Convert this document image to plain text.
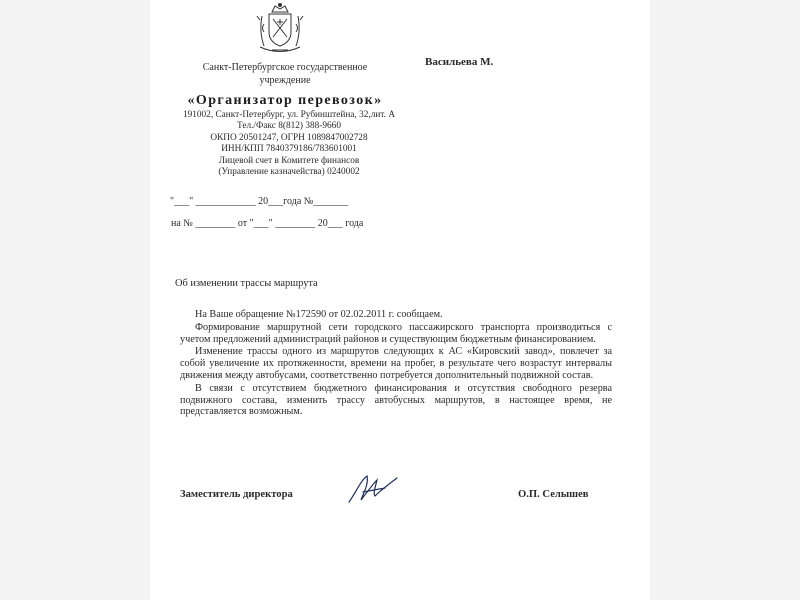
Санкт-Петербургское государственное
учреждение
«Организатор перевозок»
191002, Санкт-Петербург, ул. Рубинштейна, 32,лит. А
Тел./Факс 8(812) 388-9660
ОКПО 20501247, ОГРН 1089847002728
ИНН/КПП 7840379186/783601001
Лицевой счет в Комитете финансов
(Управление казначейства) 0240002
Васильева М.
"___" ____________ 20___года №_______
на № ________ от "___" ________ 20___ года
Об изменении трассы маршрута

На Ваше обращение №172590 от 02.02.2011 г. сообщаем.

Формирование маршрутной сети городского пассажирского транспорта производиться с учетом предложений администраций районов и существующим бюджетным финансированием.

Изменение трассы одного из маршрутов следующих к АС «Кировский завод», повлечет за собой увеличение их протяженности, времени на пробег, в результате чего возрастут интервалы движения между автобусами, соответственно потребуется дополнительный подвижной состав.

В связи с отсутствием бюджетного финансирования и отсутствия свободного резерва подвижного состава, изменить трассу автобусных маршрутов, в настоящее время, не представляется возможным.

Заместитель директора	О.П. Селышев
